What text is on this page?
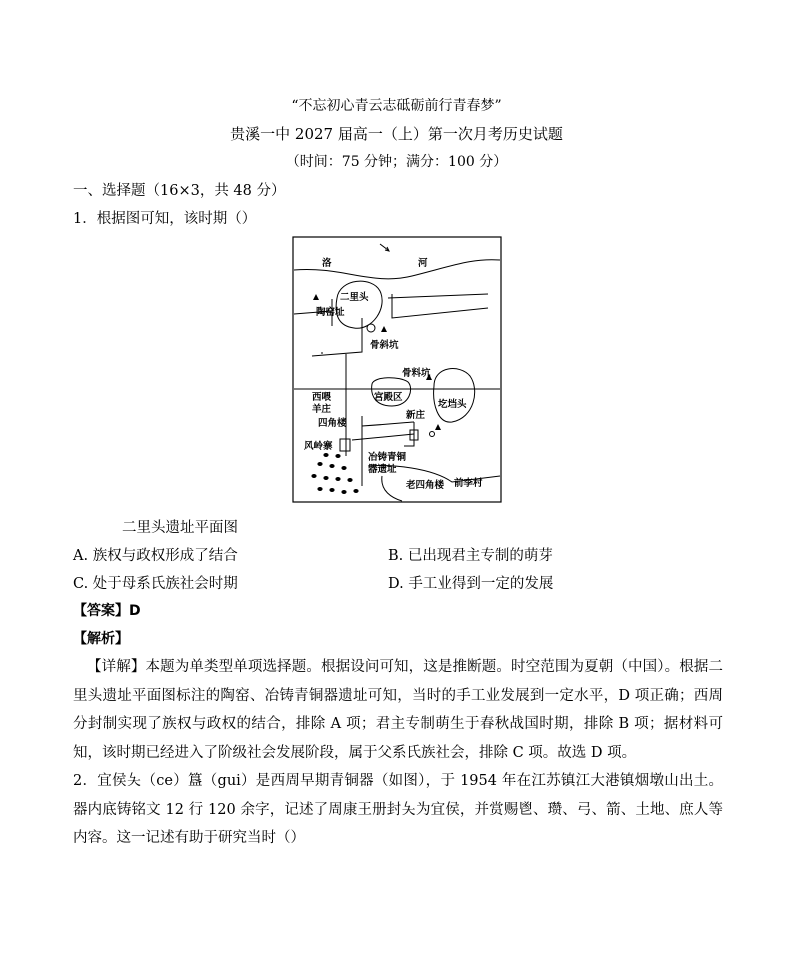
“不忘初心青云志砥砺前行青春梦”
贵溪一中 2027 届高一（上）第一次月考历史试题
（时间：75 分钟；满分：100 分）
一、选择题（16×3，共 48 分）
1．根据图可知，该时期（）
洛	河
二里头
陶窑址
骨斜坑
骨料坑
西喂
羊庄
宫殿区
圪垱头
四角楼
新庄
风岭寨
冶铸青铜
器遗址
老四角楼 前李村
二里头遗址平面图
A. 族权与政权形成了结合	B. 已出现君主专制的萌芽
C. 处于母系氏族社会时期	D. 手工业得到一定的发展
【答案】D
【解析】
【详解】本题为单类型单项选择题。根据设问可知，这是推断题。时空范围为夏朝（中国）。根据二里头遗址平面图标注的陶窑、冶铸青铜器遗址可知，当时的手工业发展到一定水平，D 项正确；西周分封制实现了族权与政权的结合，排除 A 项；君主专制萌生于春秋战国时期，排除 B 项；据材料可知，该时期已经进入了阶级社会发展阶段，属于父系氏族社会，排除 C 项。故选 D 项。
2．宜侯夨（ce）簋（gui）是西周早期青铜器（如图），于 1954 年在江苏镇江大港镇烟墩山出土。器内底铸铭文 12 行 120 余字，记述了周康王册封夨为宜侯，并赏赐鬯、瓒、弓、箭、土地、庶人等内容。这一记述有助于研究当时（）
